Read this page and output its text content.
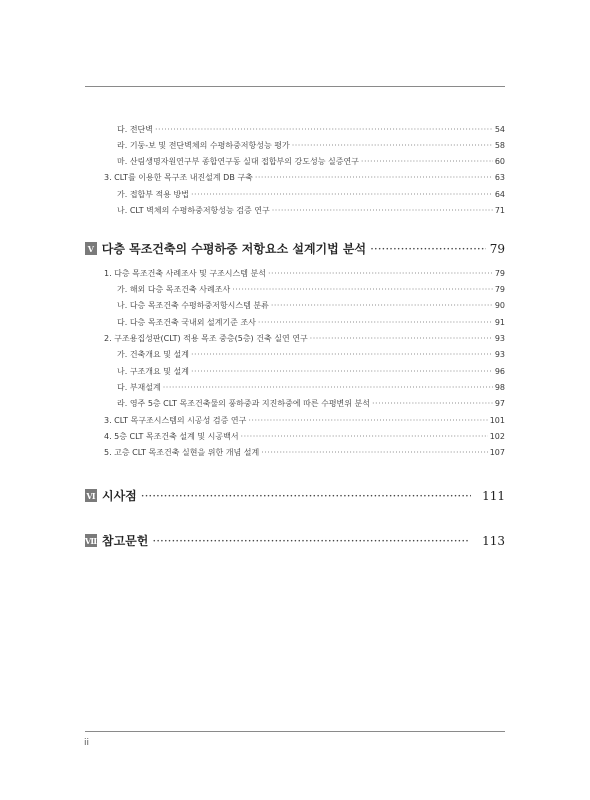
다. 전단벽 ·····	54
라. 기둥-보 및 전단벽체의 수평하중저항성능 평가 ·····	58
마. 산림생명자원연구부 종합연구동 실대 접합부의 강도성능 실증연구 ·····	60
3. CLT를 이용한 목구조 내진설계 DB 구축 ·····	63
가. 접합부 적용 방법 ·····	64
나. CLT 벽체의 수평하중저항성능 검증 연구 ·····	71
Ⅴ 다층 목조건축의 수평하중 저항요소 설계기법 분석 ·····	79
1. 다층 목조건축 사례조사 및 구조시스템 분석 ·····	79
가. 해외 다층 목조건축 사례조사 ·····	79
나. 다층 목조건축 수평하중저항시스템 분류 ·····	90
다. 다층 목조건축 국내외 설계기준 조사 ·····	91
2. 구조용집성판(CLT) 적용 목조 중층(5층) 건축 실연 연구 ·····	93
가. 건축개요 및 설계 ·····	93
나. 구조개요 및 설계 ·····	96
다. 부재설계 ·····	98
라. 영주 5층 CLT 목조건축물의 풍하중과 지진하중에 따른 수평변위 분석 ·····	97
3. CLT 목구조시스템의 시공성 검증 연구 ·····	101
4. 5층 CLT 목조건축 설계 및 시공백서 ·····	102
5. 고층 CLT 목조건축 실현을 위한 개념 설계 ·····	107
Ⅵ 시사점 ·····	111
Ⅶ 참고문헌 ·····	113
ii
